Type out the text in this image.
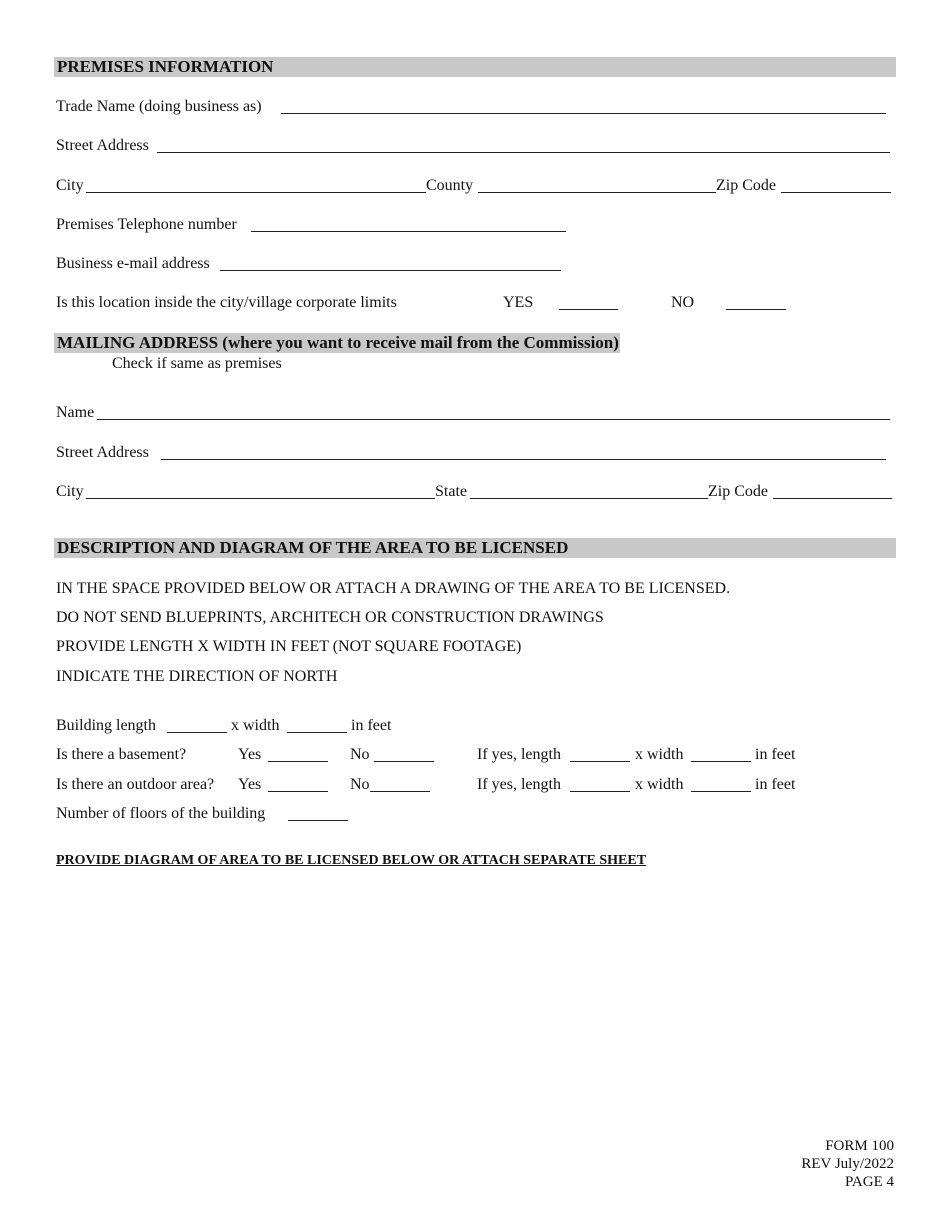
PREMISES INFORMATION
Trade Name (doing business as)
Street Address
City	County	Zip Code
Premises Telephone number
Business e-mail address
Is this location inside the city/village corporate limits	YES	NO
MAILING ADDRESS (where you want to receive mail from the Commission)
Check if same as premises
Name
Street Address
City	State	Zip Code
DESCRIPTION AND DIAGRAM OF THE AREA TO BE LICENSED
IN THE SPACE PROVIDED BELOW OR ATTACH A DRAWING OF THE AREA TO BE LICENSED.
DO NOT SEND BLUEPRINTS, ARCHITECH OR CONSTRUCTION DRAWINGS
PROVIDE LENGTH X WIDTH IN FEET (NOT SQUARE FOOTAGE)
INDICATE THE DIRECTION OF NORTH
Building length	x width	in feet
Is there a basement?	Yes	No	If yes, length	x width	in feet
Is there an outdoor area? Yes	No	If yes, length	x width	in feet
Number of floors of the building
PROVIDE DIAGRAM OF AREA TO BE LICENSED BELOW OR ATTACH SEPARATE SHEET
FORM 100
REV July/2022
PAGE 4
